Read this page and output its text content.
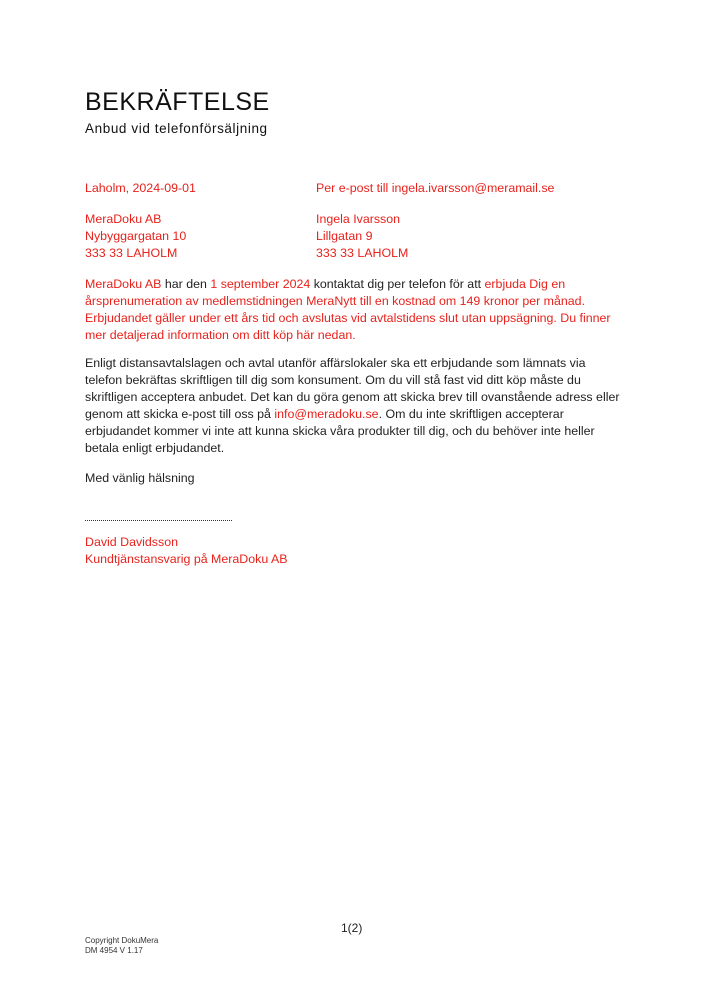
BEKRÄFTELSE
Anbud vid telefonförsäljning
Laholm, 2024-09-01	Per e-post till ingela.ivarsson@meramail.se
MeraDoku AB
Nybyggargatan 10
333 33 LAHOLM
Ingela Ivarsson
Lillgatan 9
333 33 LAHOLM
MeraDoku AB har den 1 september 2024 kontaktat dig per telefon för att erbjuda Dig en
årsprenumeration av medlemstidningen MeraNytt till en kostnad om 149 kronor per månad.
Erbjudandet gäller under ett års tid och avslutas vid avtalstidens slut utan uppsägning. Du finner
mer detaljerad information om ditt köp här nedan.
Enligt distansavtalslagen och avtal utanför affärslokaler ska ett erbjudande som lämnats via
telefon bekräftas skriftligen till dig som konsument. Om du vill stå fast vid ditt köp måste du
skriftligen acceptera anbudet. Det kan du göra genom att skicka brev till ovanstående adress eller
genom att skicka e-post till oss på info@meradoku.se. Om du inte skriftligen accepterar
erbjudandet kommer vi inte att kunna skicka våra produkter till dig, och du behöver inte heller
betala enligt erbjudandet.
Med vänlig hälsning
David Davidsson
Kundtjänstansvarig på MeraDoku AB
1(2)
Copyright DokuMera
DM 4954 V 1.17
